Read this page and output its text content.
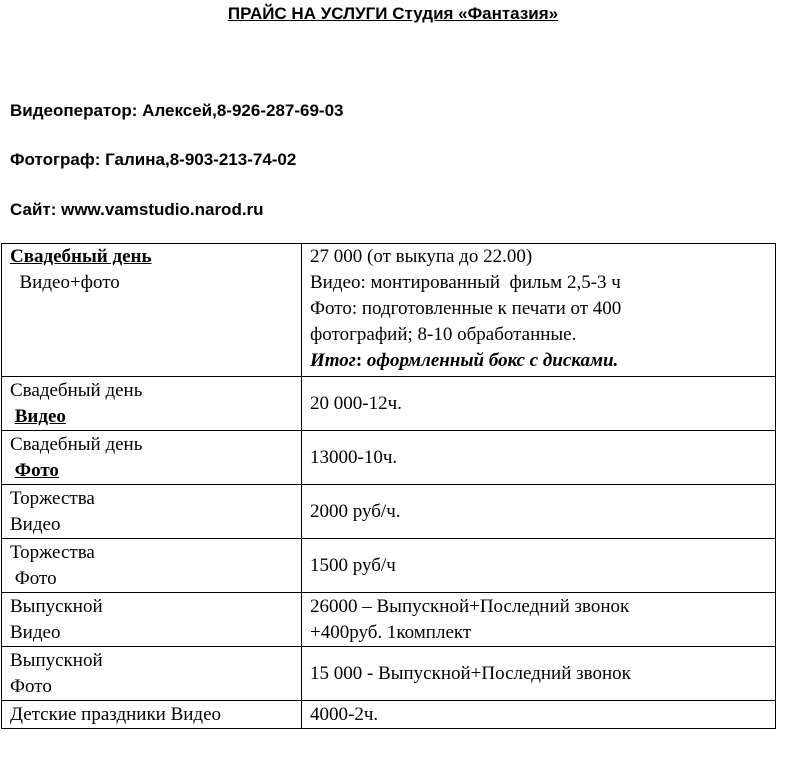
ПРАЙС НА УСЛУГИ Студия «Фантазия»
Видеоператор: Алексей,8-926-287-69-03
Фотограф: Галина,8-903-213-74-02
Сайт: www.vamstudio.narod.ru
Свадебный день
Видео+фото	27 000 (от выкупа до 22.00)
Видео: монтированный  фильм 2,5-3 ч
Фото: подготовленные к печати от 400
фотографий; 8-10 обработанные.
Итог: оформленный бокс с дисками.

Свадебный день
Видео	20 000-12ч.

Свадебный день
Фото	13000-10ч.

Торжества
Видео	2000 руб/ч.

Торжества
Фото	1500 руб/ч

Выпускной
Видео	26000 – Выпускной+Последний звонок
+400руб. 1комплект

Выпускной
Фото	15 000 - Выпускной+Последний звонок
Детские праздники Видео	4000-2ч.
